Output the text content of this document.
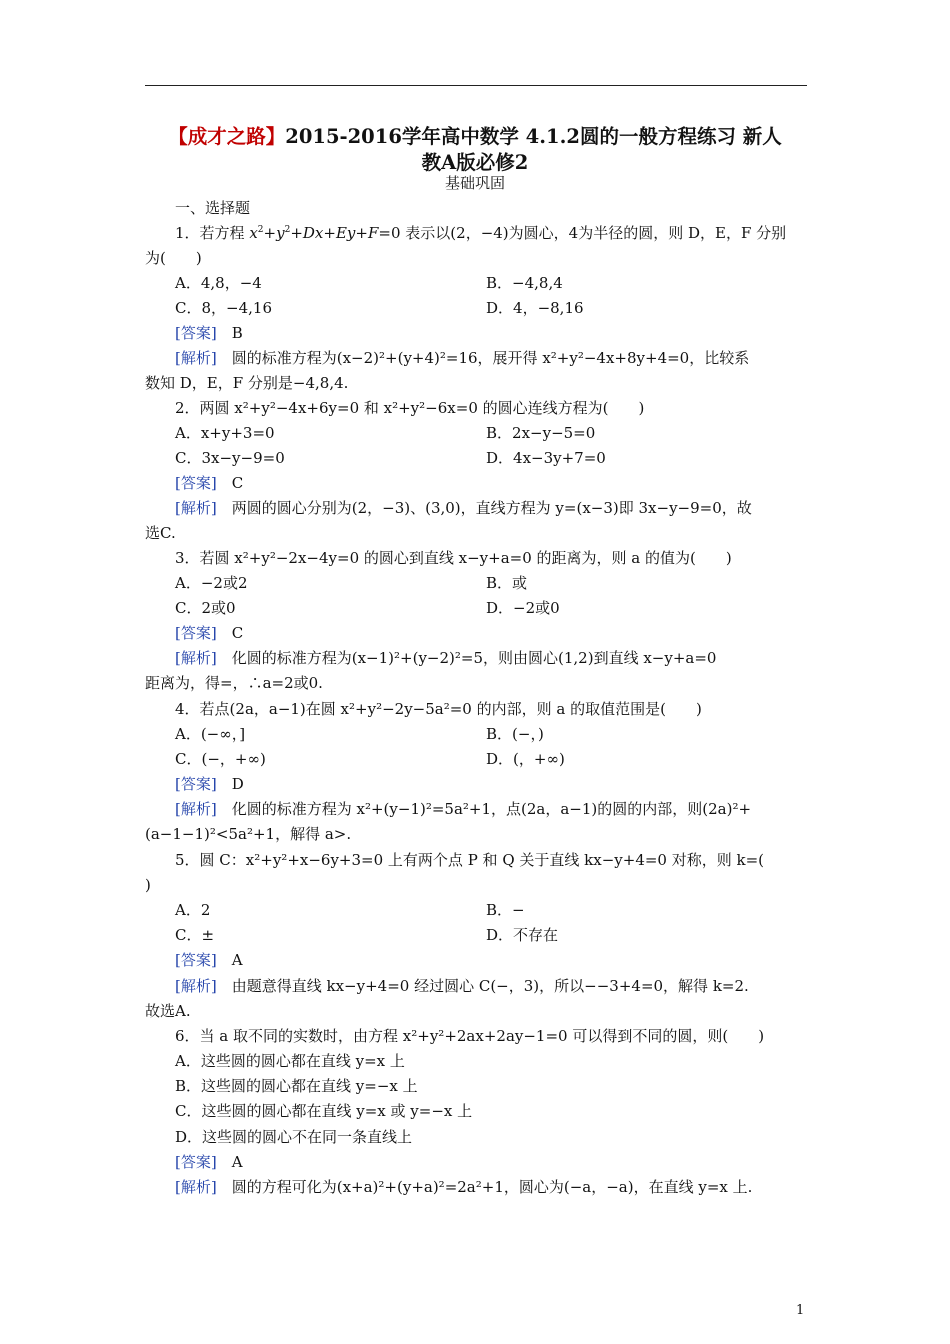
【成才之路】2015-2016学年高中数学 4.1.2圆的一般方程练习 新人
教A版必修2
基础巩固
一、选择题
1．若方程 $x^2+y^2+Dx+Ey+F=0$ 表示以(2，−4)为圆心，4为半径的圆，则 D，E，F 分别
为(　　)
A．4,8，−4	B．−4,8,4
C．8，−4,16	D．4，−8,16
[答案]　 B
[解析]　 圆的标准方程为(x−2)²+(y+4)²=16，展开得 x²+y²−4x+8y+4=0，比较系
数知 D，E，F 分别是−4,8,4.
2．两圆 x²+y²−4x+6y=0 和 x²+y²−6x=0 的圆心连线方程为(　　)
A．x+y+3=0	B．2x−y−5=0
C．3x−y−9=0	D．4x−3y+7=0
[答案]　 C
[解析]　 两圆的圆心分别为(2，−3)、(3,0)，直线方程为 y=(x−3)即 3x−y−9=0，故
选C.
3．若圆 x²+y²−2x−4y=0 的圆心到直线 x−y+a=0 的距离为，则 a 的值为(　　)
A．−2或2	B．或
C．2或0	D．−2或0
[答案]　 C
[解析]　 化圆的标准方程为(x−1)²+(y−2)²=5，则由圆心(1,2)到直线 x−y+a=0
距离为，得=，∴a=2或0.
4．若点(2a，a−1)在圆 x²+y²−2y−5a²=0 的内部，则 a 的取值范围是(　　)
A．(−∞，]	B．(−，)
C．(−，+∞)	D．(，+∞)
[答案]　 D
[解析]　 化圆的标准方程为 x²+(y−1)²=5a²+1，点(2a，a−1)的圆的内部，则(2a)²+
(a−1−1)²<5a²+1，解得 a>.
5．圆 C：x²+y²+x−6y+3=0 上有两个点 P 和 Q 关于直线 kx−y+4=0 对称，则 k=(
)
A．2	B．−
C．±	D．不存在
[答案]　 A
[解析]　 由题意得直线 kx−y+4=0 经过圆心 C(−，3)，所以−−3+4=0，解得 k=2.
故选A.
6．当 a 取不同的实数时，由方程 x²+y²+2ax+2ay−1=0 可以得到不同的圆，则(　　)
A．这些圆的圆心都在直线 y=x 上
B．这些圆的圆心都在直线 y=−x 上
C．这些圆的圆心都在直线 y=x 或 y=−x 上
D．这些圆的圆心不在同一条直线上
[答案]　 A
[解析]　 圆的方程可化为(x+a)²+(y+a)²=2a²+1，圆心为(−a，−a)，在直线 y=x 上.
1
